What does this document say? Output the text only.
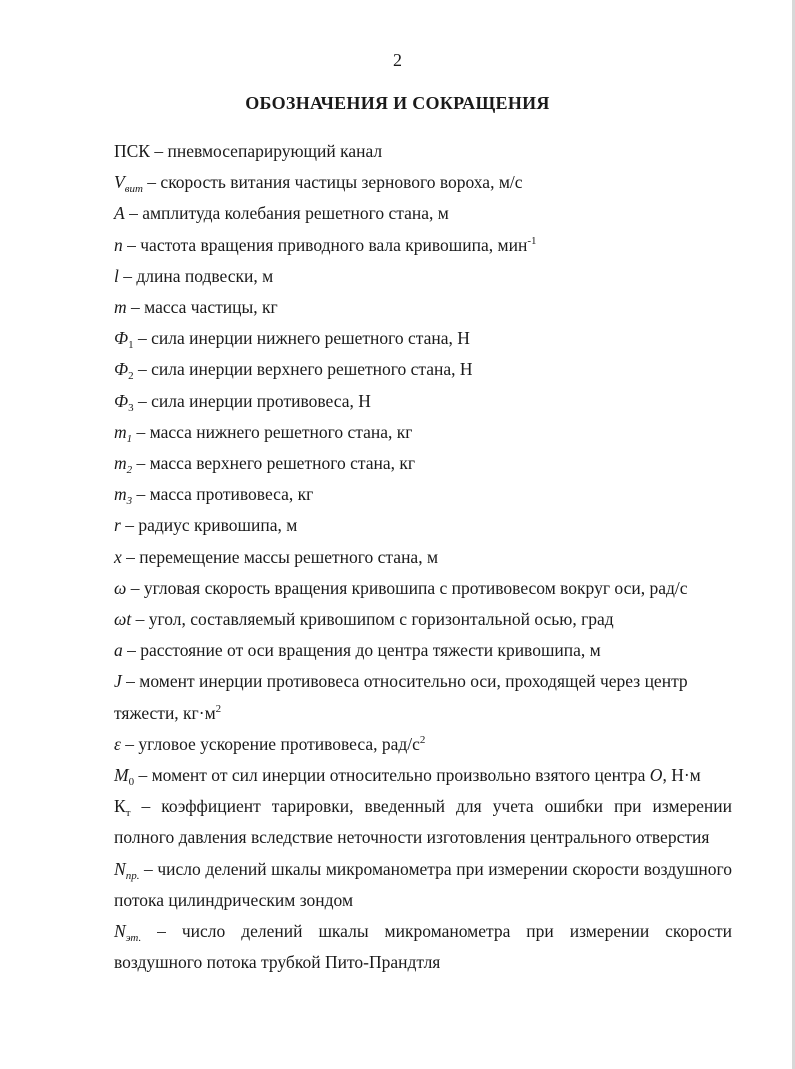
2
ОБОЗНАЧЕНИЯ И СОКРАЩЕНИЯ

ПСК – пневмосепарирующий канал

$V_{вит}$ – скорость витания частицы зернового вороха, м/с

A – амплитуда колебания решетного стана, м

n – частота вращения приводного вала кривошипа, мин$^{-1}$

l – длина подвески, м

m – масса частицы, кг

$Ф_1$ – сила инерции нижнего решетного стана, Н

$Ф_2$ – сила инерции верхнего решетного стана, Н

$Ф_3$ – сила инерции противовеса, Н

$m_1$ – масса нижнего решетного стана, кг

$m_2$ – масса верхнего решетного стана, кг

$m_3$ – масса противовеса, кг

r – радиус кривошипа, м

x – перемещение массы решетного стана, м

ω – угловая скорость вращения кривошипа с противовесом вокруг оси, рад/с

ωt – угол, составляемый кривошипом с горизонтальной осью, град

a – расстояние от оси вращения до центра тяжести кривошипа, м

J – момент инерции противовеса относительно оси, проходящей через центр тяжести, $кг\cdot м^2$

ε – угловое ускорение противовеса, рад/$с^2$

$M_0$ – момент от сил инерции относительно произвольно взятого центра O, Н·м

$К_т$ – коэффициент тарировки, введенный для учета ошибки при измерении полного давления вследствие неточности изготовления центрального отверстия

$N_{пр.}$ – число делений шкалы микроманометра при измерении скорости воздушного потока цилиндрическим зондом

$N_{эт.}$ – число делений шкалы микроманометра при измерении скорости воздушного потока трубкой Пито-Прандтля
